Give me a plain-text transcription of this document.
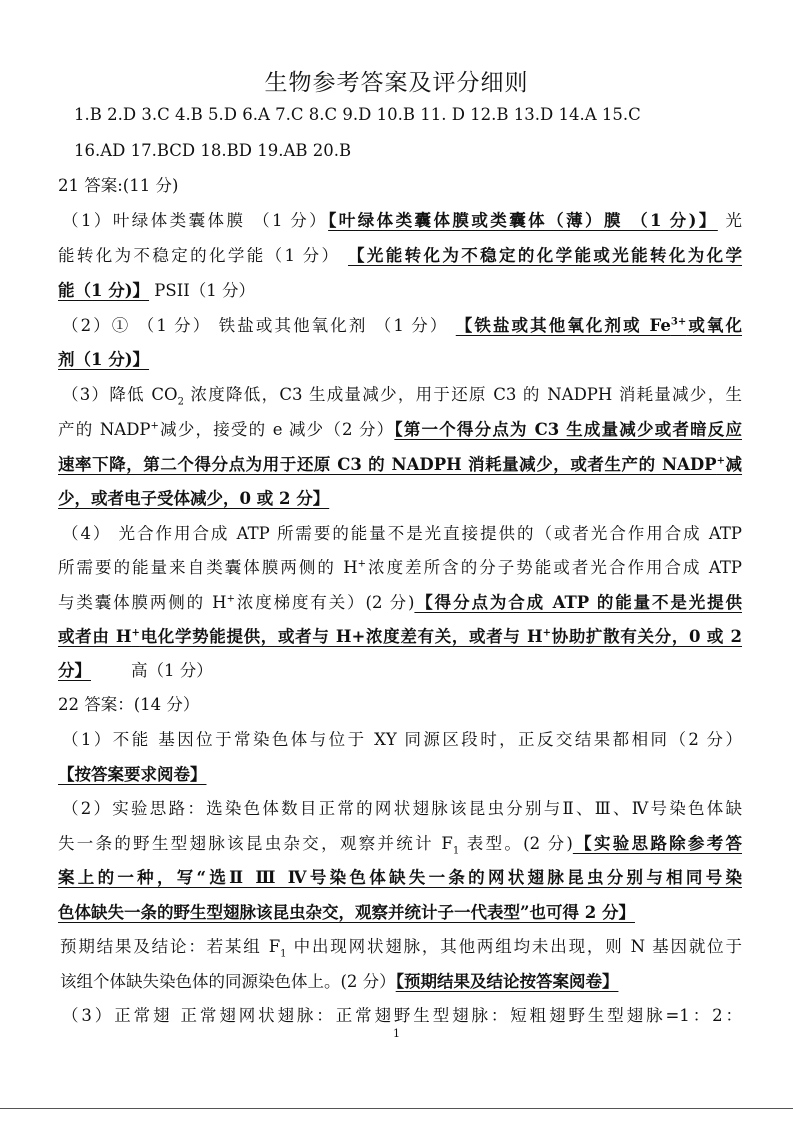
生物参考答案及评分细则
1.B 2.D 3.C 4.B 5.D 6.A 7.C 8.C 9.D 10.B 11. D 12.B 13.D 14.A 15.C
16.AD 17.BCD 18.BD 19.AB 20.B
21 答案:(11 分)
（1）叶绿体类囊体膜 （1 分）【叶绿体类囊体膜或类囊体（薄）膜 （1 分)】 光
能转化为不稳定的化学能（1 分） 【光能转化为不稳定的化学能或光能转化为化学
能（1 分)】 PSII（1 分）
（2）① （1 分） 铁盐或其他氧化剂 （1 分） 【铁盐或其他氧化剂或 $Fe^{3+}$或氧化
剂（1 分)】
（3）降低 $CO_2$ 浓度降低，C3 生成量减少，用于还原 C3 的 NADPH 消耗量减少，生
产的 NADP+减少，接受的 e 减少（2 分）【第一个得分点为 C3 生成量减少或者暗反应
速率下降，第二个得分点为用于还原 C3 的 NADPH 消耗量减少，或者生产的 NADP+减
少，或者电子受体减少，0 或 2 分】
（4） 光合作用合成 ATP 所需要的能量不是光直接提供的（或者光合作用合成 ATP
所需要的能量来自类囊体膜两侧的 H+浓度差所含的分子势能或者光合作用合成 ATP
与类囊体膜两侧的 H+浓度梯度有关）(2 分)【得分点为合成 ATP 的能量不是光提供
或者由 H+电化学势能提供，或者与 H+浓度差有关，或者与 H+协助扩散有关分，0 或 2
分】 高（1 分）
22 答案：(14 分）
（1）不能 基因位于常染色体与位于 XY 同源区段时，正反交结果都相同（2 分）
【按答案要求阅卷】
（2）实验思路：选染色体数目正常的网状翅脉该昆虫分别与Ⅱ、Ⅲ、Ⅳ号染色体缺
失一条的野生型翅脉该昆虫杂交，观察并统计 $F_1$ 表型。(2 分)【实验思路除参考答
案上的一种，写“选Ⅱ Ⅲ Ⅳ号染色体缺失一条的网状翅脉昆虫分别与相同号染
色体缺失一条的野生型翅脉该昆虫杂交，观察并统计子一代表型”也可得 2 分】
预期结果及结论：若某组 $F_1$ 中出现网状翅脉，其他两组均未出现，则 N 基因就位于
该组个体缺失染色体的同源染色体上。(2 分）【预期结果及结论按答案阅卷】
（3）正常翅 正常翅网状翅脉：正常翅野生型翅脉：短粗翅野生型翅脉=1：2：
1
